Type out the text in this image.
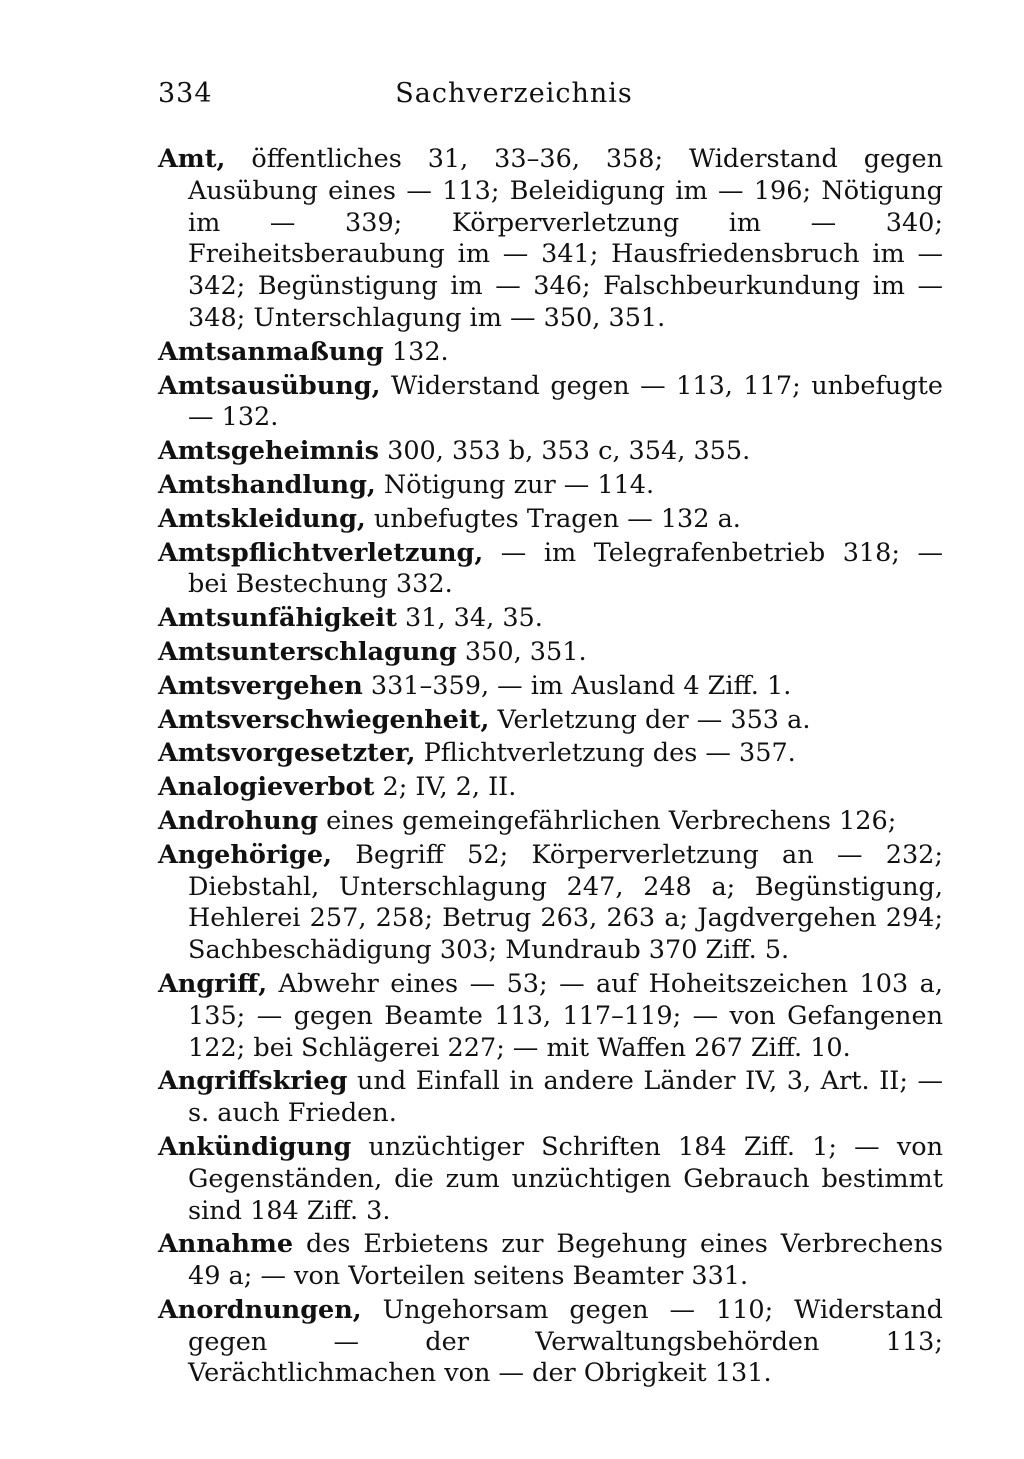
334	Sachverzeichnis

Amt, öffentliches 31, 33–36, 358; Widerstand gegen Ausübung eines — 113; Beleidigung im — 196; Nötigung im — 339; Körperverletzung im — 340; Freiheitsberaubung im — 341; Hausfriedensbruch im — 342; Begünstigung im — 346; Falschbeurkundung im — 348; Unterschlagung im — 350, 351.

Amtsanmaßung 132.

Amtsausübung, Widerstand gegen — 113, 117; unbefugte — 132.

Amtsgeheimnis 300, 353 b, 353 c, 354, 355.

Amtshandlung, Nötigung zur — 114.

Amtskleidung, unbefugtes Tragen — 132 a.

Amtspflichtverletzung, — im Telegrafenbetrieb 318; — bei Bestechung 332.

Amtsunfähigkeit 31, 34, 35.

Amtsunterschlagung 350, 351.

Amtsvergehen 331–359, — im Ausland 4 Ziff. 1.

Amtsverschwiegenheit, Verletzung der — 353 a.

Amtsvorgesetzter, Pflichtverletzung des — 357.

Analogieverbot 2; IV, 2, II.

Androhung eines gemeingefährlichen Verbrechens 126;

Angehörige, Begriff 52; Körperverletzung an — 232; Diebstahl, Unterschlagung 247, 248 a; Begünstigung, Hehlerei 257, 258; Betrug 263, 263 a; Jagdvergehen 294; Sachbeschädigung 303; Mundraub 370 Ziff. 5.

Angriff, Abwehr eines — 53; — auf Hoheitszeichen 103 a, 135; — gegen Beamte 113, 117–119; — von Gefangenen 122; bei Schlägerei 227; — mit Waffen 267 Ziff. 10.

Angriffskrieg und Einfall in andere Länder IV, 3, Art. II; — s. auch Frieden.

Ankündigung unzüchtiger Schriften 184 Ziff. 1; — von Gegenständen, die zum unzüchtigen Gebrauch bestimmt sind 184 Ziff. 3.

Annahme des Erbietens zur Begehung eines Verbrechens 49 a; — von Vorteilen seitens Beamter 331.

Anordnungen, Ungehorsam gegen — 110; Widerstand gegen — der Verwaltungsbehörden 113; Verächtlichmachen von — der Obrigkeit 131.
